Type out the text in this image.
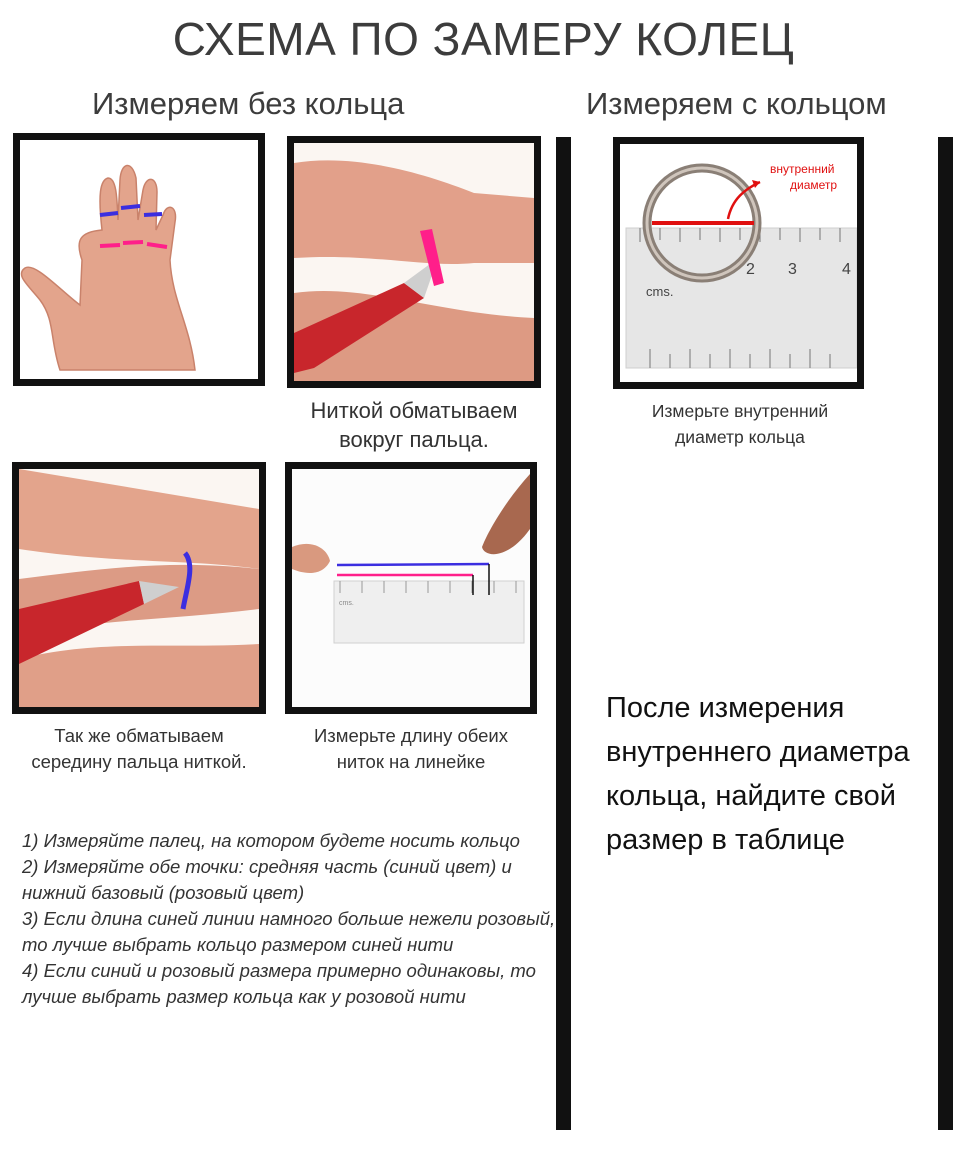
СХЕМА ПО ЗАМЕРУ КОЛЕЦ
Измеряем без кольца	Измеряем с кольцом
Ниткой обматываем
вокруг пальца.
Так же обматываем
середину пальца ниткой.
cms.
Измерьте длину обеих
ниток на линейке
2 3	4
cms.
внутренний
диаметр
Измерьте внутренний
диаметр кольца

1) Измеряйте палец, на котором будете носить кольцо

2) Измеряйте обе точки: средняя часть (синий цвет) и нижний базовый (розовый цвет)

3) Если длина синей линии намного больше нежели розовый, то лучше выбрать кольцо размером синей нити

4) Если синий и розовый размера примерно одинаковы, то лучше выбрать размер кольца как у розовой нити

После измерения внутреннего диаметра кольца, найдите свой размер в таблице
